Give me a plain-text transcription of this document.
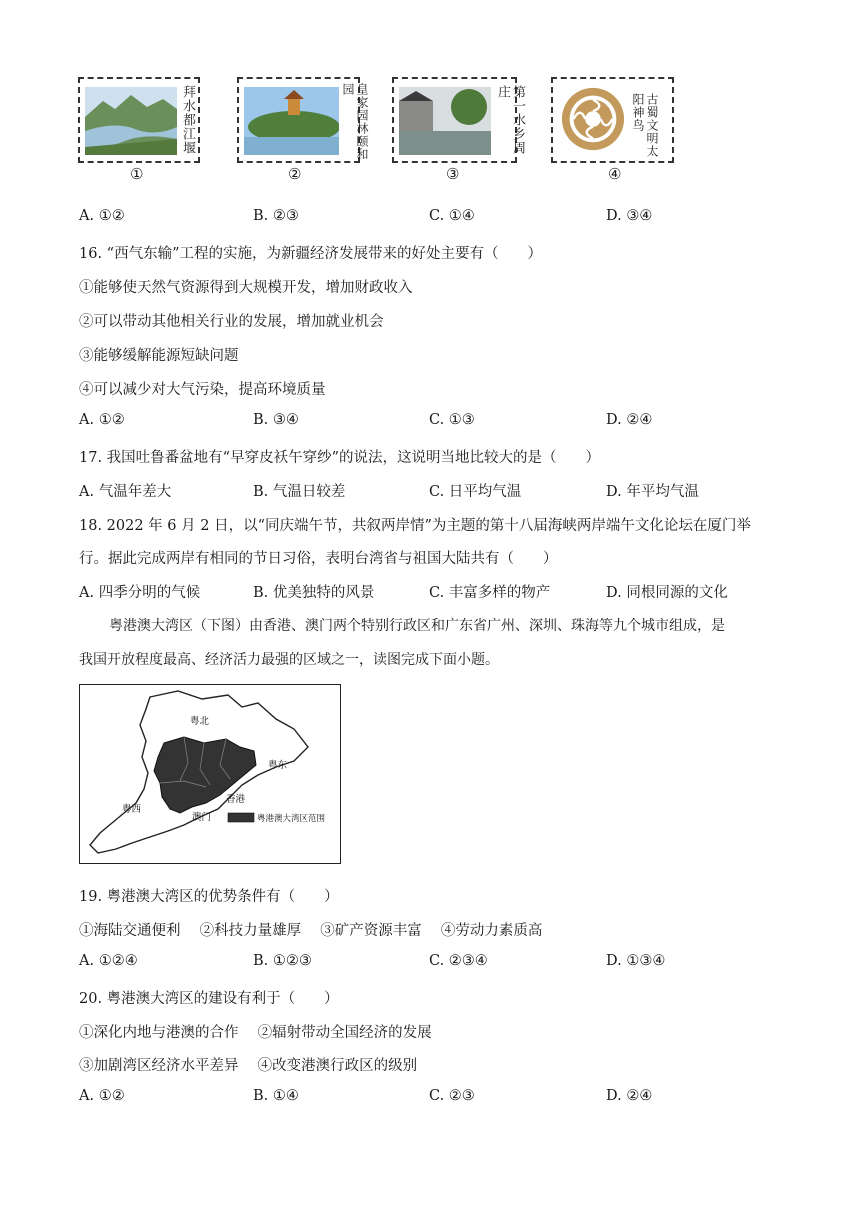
拜水都江堰
①
皇家园林颐和园
②
第一水乡周庄
③
古蜀文明太阳神鸟
④
A. ①②	B. ②③	C. ①④	D. ③④
16. “西气东输”工程的实施，为新疆经济发展带来的好处主要有（　　）
①能够使天然气资源得到大规模开发，增加财政收入
②可以带动其他相关行业的发展，增加就业机会
③能够缓解能源短缺问题
④可以减少对大气污染，提高环境质量
A. ①②	B. ③④	C. ①③	D. ②④
17. 我国吐鲁番盆地有“早穿皮袄午穿纱”的说法，这说明当地比较大的是（　　）
A. 气温年差大	B. 气温日较差	C. 日平均气温	D. 年平均气温
18. 2022 年 6 月 2 日，以“同庆端午节，共叙两岸情”为主题的第十八届海峡两岸端午文化论坛在厦门举
行。据此完成两岸有相同的节日习俗，表明台湾省与祖国大陆共有（　　）
A. 四季分明的气候	B. 优美独特的风景	C. 丰富多样的物产	D. 同根同源的文化
粤港澳大湾区（下图）由香港、澳门两个特别行政区和广东省广州、深圳、珠海等九个城市组成，是
我国开放程度最高、经济活力最强的区域之一，读图完成下面小题。
粤北
粤东
粤西
香港
澳门	粤港澳大湾区范围
19. 粤港澳大湾区的优势条件有（　　）
①海陆交通便利　 ②科技力量雄厚　 ③矿产资源丰富　 ④劳动力素质高
A. ①②④	B. ①②③	C. ②③④	D. ①③④
20. 粤港澳大湾区的建设有利于（　　）
①深化内地与港澳的合作　 ②辐射带动全国经济的发展
③加剧湾区经济水平差异　 ④改变港澳行政区的级别
A. ①②	B. ①④	C. ②③	D. ②④
